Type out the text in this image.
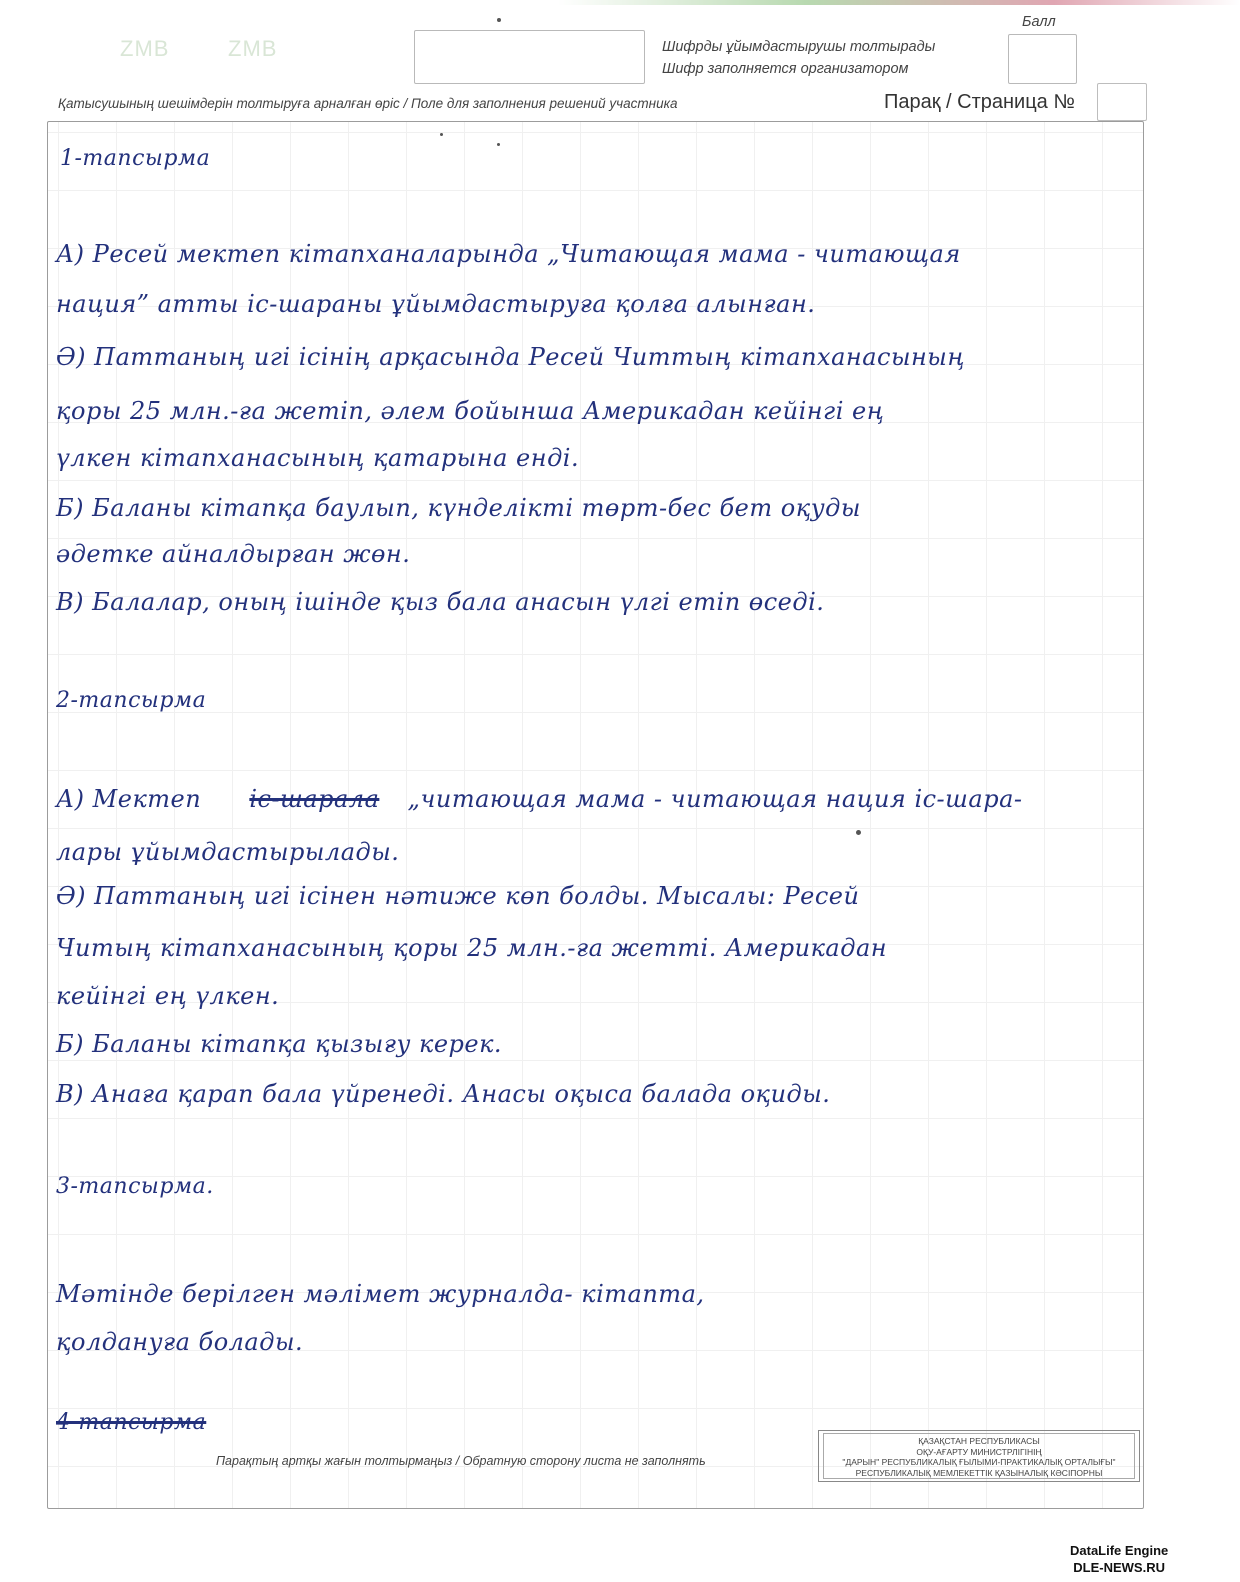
ZMB	ZMB	Шифрды ұйымдастырушы толтырады
Шифр заполняется организатором
Балл
Қатысушының шешімдерін толтыруға арналған өріс / Поле для заполнения решений участника	Парақ / Страница №
1-тапсырма
А) Ресей мектеп кітапханаларында „Читающая мама - читающая
нация” атты іс-шараны ұйымдастыруға қолға алынған.
Ә) Паттаның игі ісінің арқасында Ресей Читтың кітапханасының
қоры 25 млн.-ға жетіп, әлем бойынша Америкадан кейінгі ең
үлкен кітапханасының қатарына енді.
Б) Баланы кітапқа баулып, күнделікті төрт-бес бет оқуды
әдетке айналдырған жөн.
В) Балалар, оның ішінде қыз бала анасын үлгі етіп өседі.
2-тапсырма
А) Мектеп іс-шарала „читающая мама - читающая нация іс-шара-
лары ұйымдастырылады.
Ә) Паттаның игі ісінен нәтиже көп болды. Мысалы: Ресей
Читың кітапханасының қоры 25 млн.-ға жетті. Америкадан
кейінгі ең үлкен.
Б) Баланы кітапқа қызығу керек.
В) Анаға қарап бала үйренеді. Анасы оқыса балада оқиды.
3-тапсырма.
Мәтінде берілген мәлімет журналда- кітапта,
қолдануға болады.
4-тапсырма
Парақтың артқы жағын толтырмаңыз / Обратную сторону листа не заполнять
ҚАЗАҚСТАН РЕСПУБЛИКАСЫ
ОҚУ-АҒАРТУ МИНИСТРЛІГІНІҢ
"ДАРЫН" РЕСПУБЛИКАЛЫҚ ҒЫЛЫМИ-ПРАКТИКАЛЫҚ ОРТАЛЫҒЫ"
РЕСПУБЛИКАЛЫҚ МЕМЛЕКЕТТІК ҚАЗЫНАЛЫҚ КӘСІПОРНЫ
DataLife Engine
DLE-NEWS.RU
